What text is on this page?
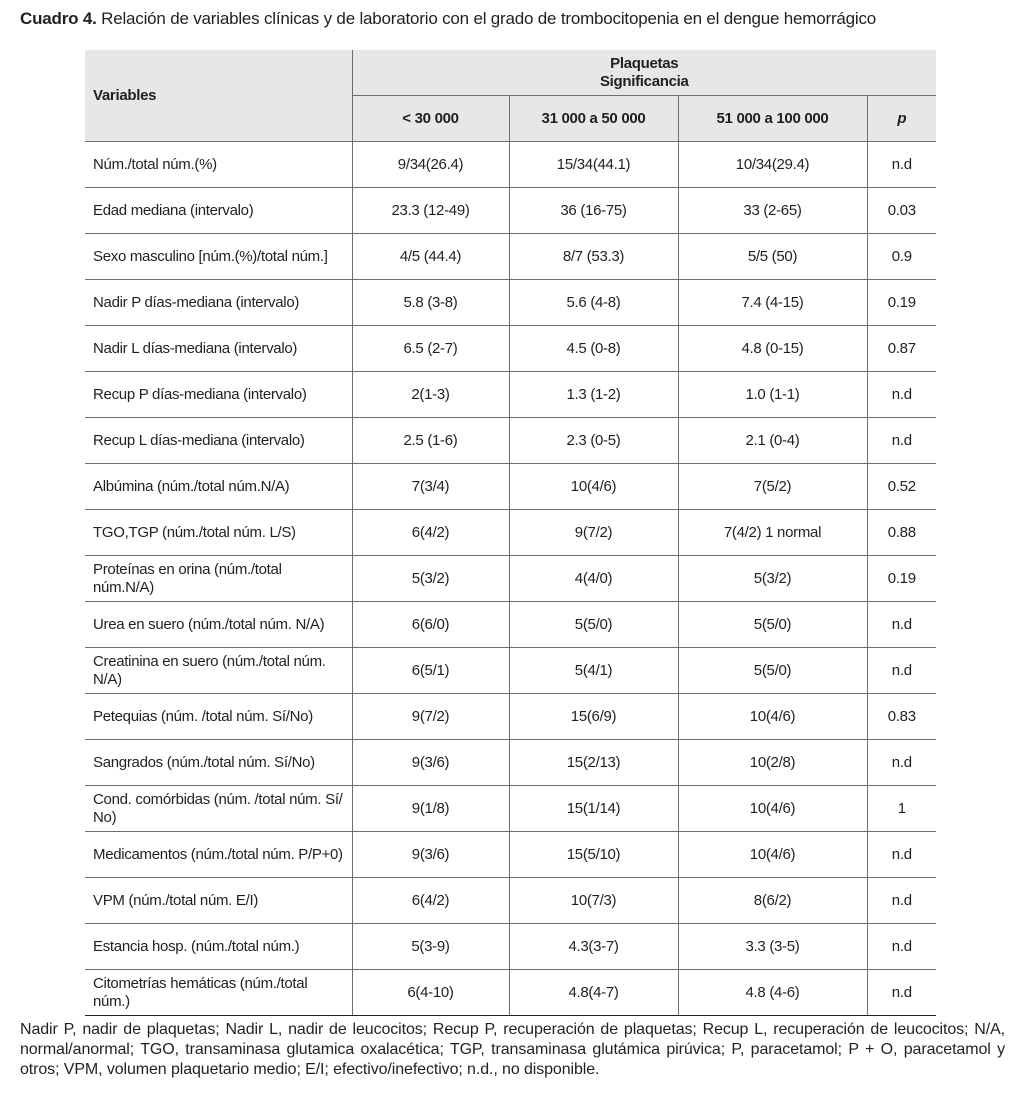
Cuadro 4. Relación de variables clínicas y de laboratorio con el grado de trombocitopenia en el dengue hemorrágico
Variables	Plaquetas
Significancia			

	< 30 000	31 000 a 50 000	51 000 a 100 000	p
Núm./total núm.(%)	9/34(26.4)	15/34(44.1)	10/34(29.4)	n.d
Edad mediana (intervalo)	23.3 (12-49)	36 (16-75)	33 (2-65)	0.03
Sexo masculino [núm.(%)/total núm.]	4/5 (44.4)	8/7 (53.3)	5/5 (50)	0.9
Nadir P días-mediana (intervalo)	5.8 (3-8)	5.6 (4-8)	7.4 (4-15)	0.19
Nadir L días-mediana (intervalo)	6.5 (2-7)	4.5 (0-8)	4.8 (0-15)	0.87
Recup P días-mediana (intervalo)	2(1-3)	1.3 (1-2)	1.0 (1-1)	n.d
Recup L días-mediana (intervalo)	2.5 (1-6)	2.3 (0-5)	2.1 (0-4)	n.d
Albúmina (núm./total núm.N/A)	7(3/4)	10(4/6)	7(5/2)	0.52
TGO,TGP (núm./total núm. L/S)	6(4/2)	9(7/2)	7(4/2) 1 normal	0.88
Proteínas en orina (núm./total núm.N/A)	5(3/2)	4(4/0)	5(3/2)	0.19
Urea en suero (núm./total núm. N/A)	6(6/0)	5(5/0)	5(5/0)	n.d
Creatinina en suero (núm./total núm. N/A)	6(5/1)	5(4/1)	5(5/0)	n.d
Petequias (núm. /total núm. Sí/No)	9(7/2)	15(6/9)	10(4/6)	0.83
Sangrados (núm./total núm. Sí/No)	9(3/6)	15(2/13)	10(2/8)	n.d
Cond. comórbidas (núm. /total núm. Sí/ No)	9(1/8)	15(1/14)	10(4/6)	1
Medicamentos (núm./total núm. P/P+0)	9(3/6)	15(5/10)	10(4/6)	n.d
VPM (núm./total núm. E/I)	6(4/2)	10(7/3)	8(6/2)	n.d
Estancia hosp. (núm./total núm.)	5(3-9)	4.3(3-7)	3.3 (3-5)	n.d
Citometrías hemáticas (núm./total núm.)	6(4-10)	4.8(4-7)	4.8 (4-6)	n.d
Nadir P, nadir de plaquetas; Nadir L, nadir de leucocitos; Recup P, recuperación de plaquetas; Recup L, recuperación de leucocitos; N/A, normal/anormal; TGO, transaminasa glutamica oxalacética; TGP, transaminasa glutámica pirúvica; P, paracetamol; P + O, paracetamol y otros; VPM, volumen plaquetario medio; E/I; efectivo/inefectivo; n.d., no disponible.
